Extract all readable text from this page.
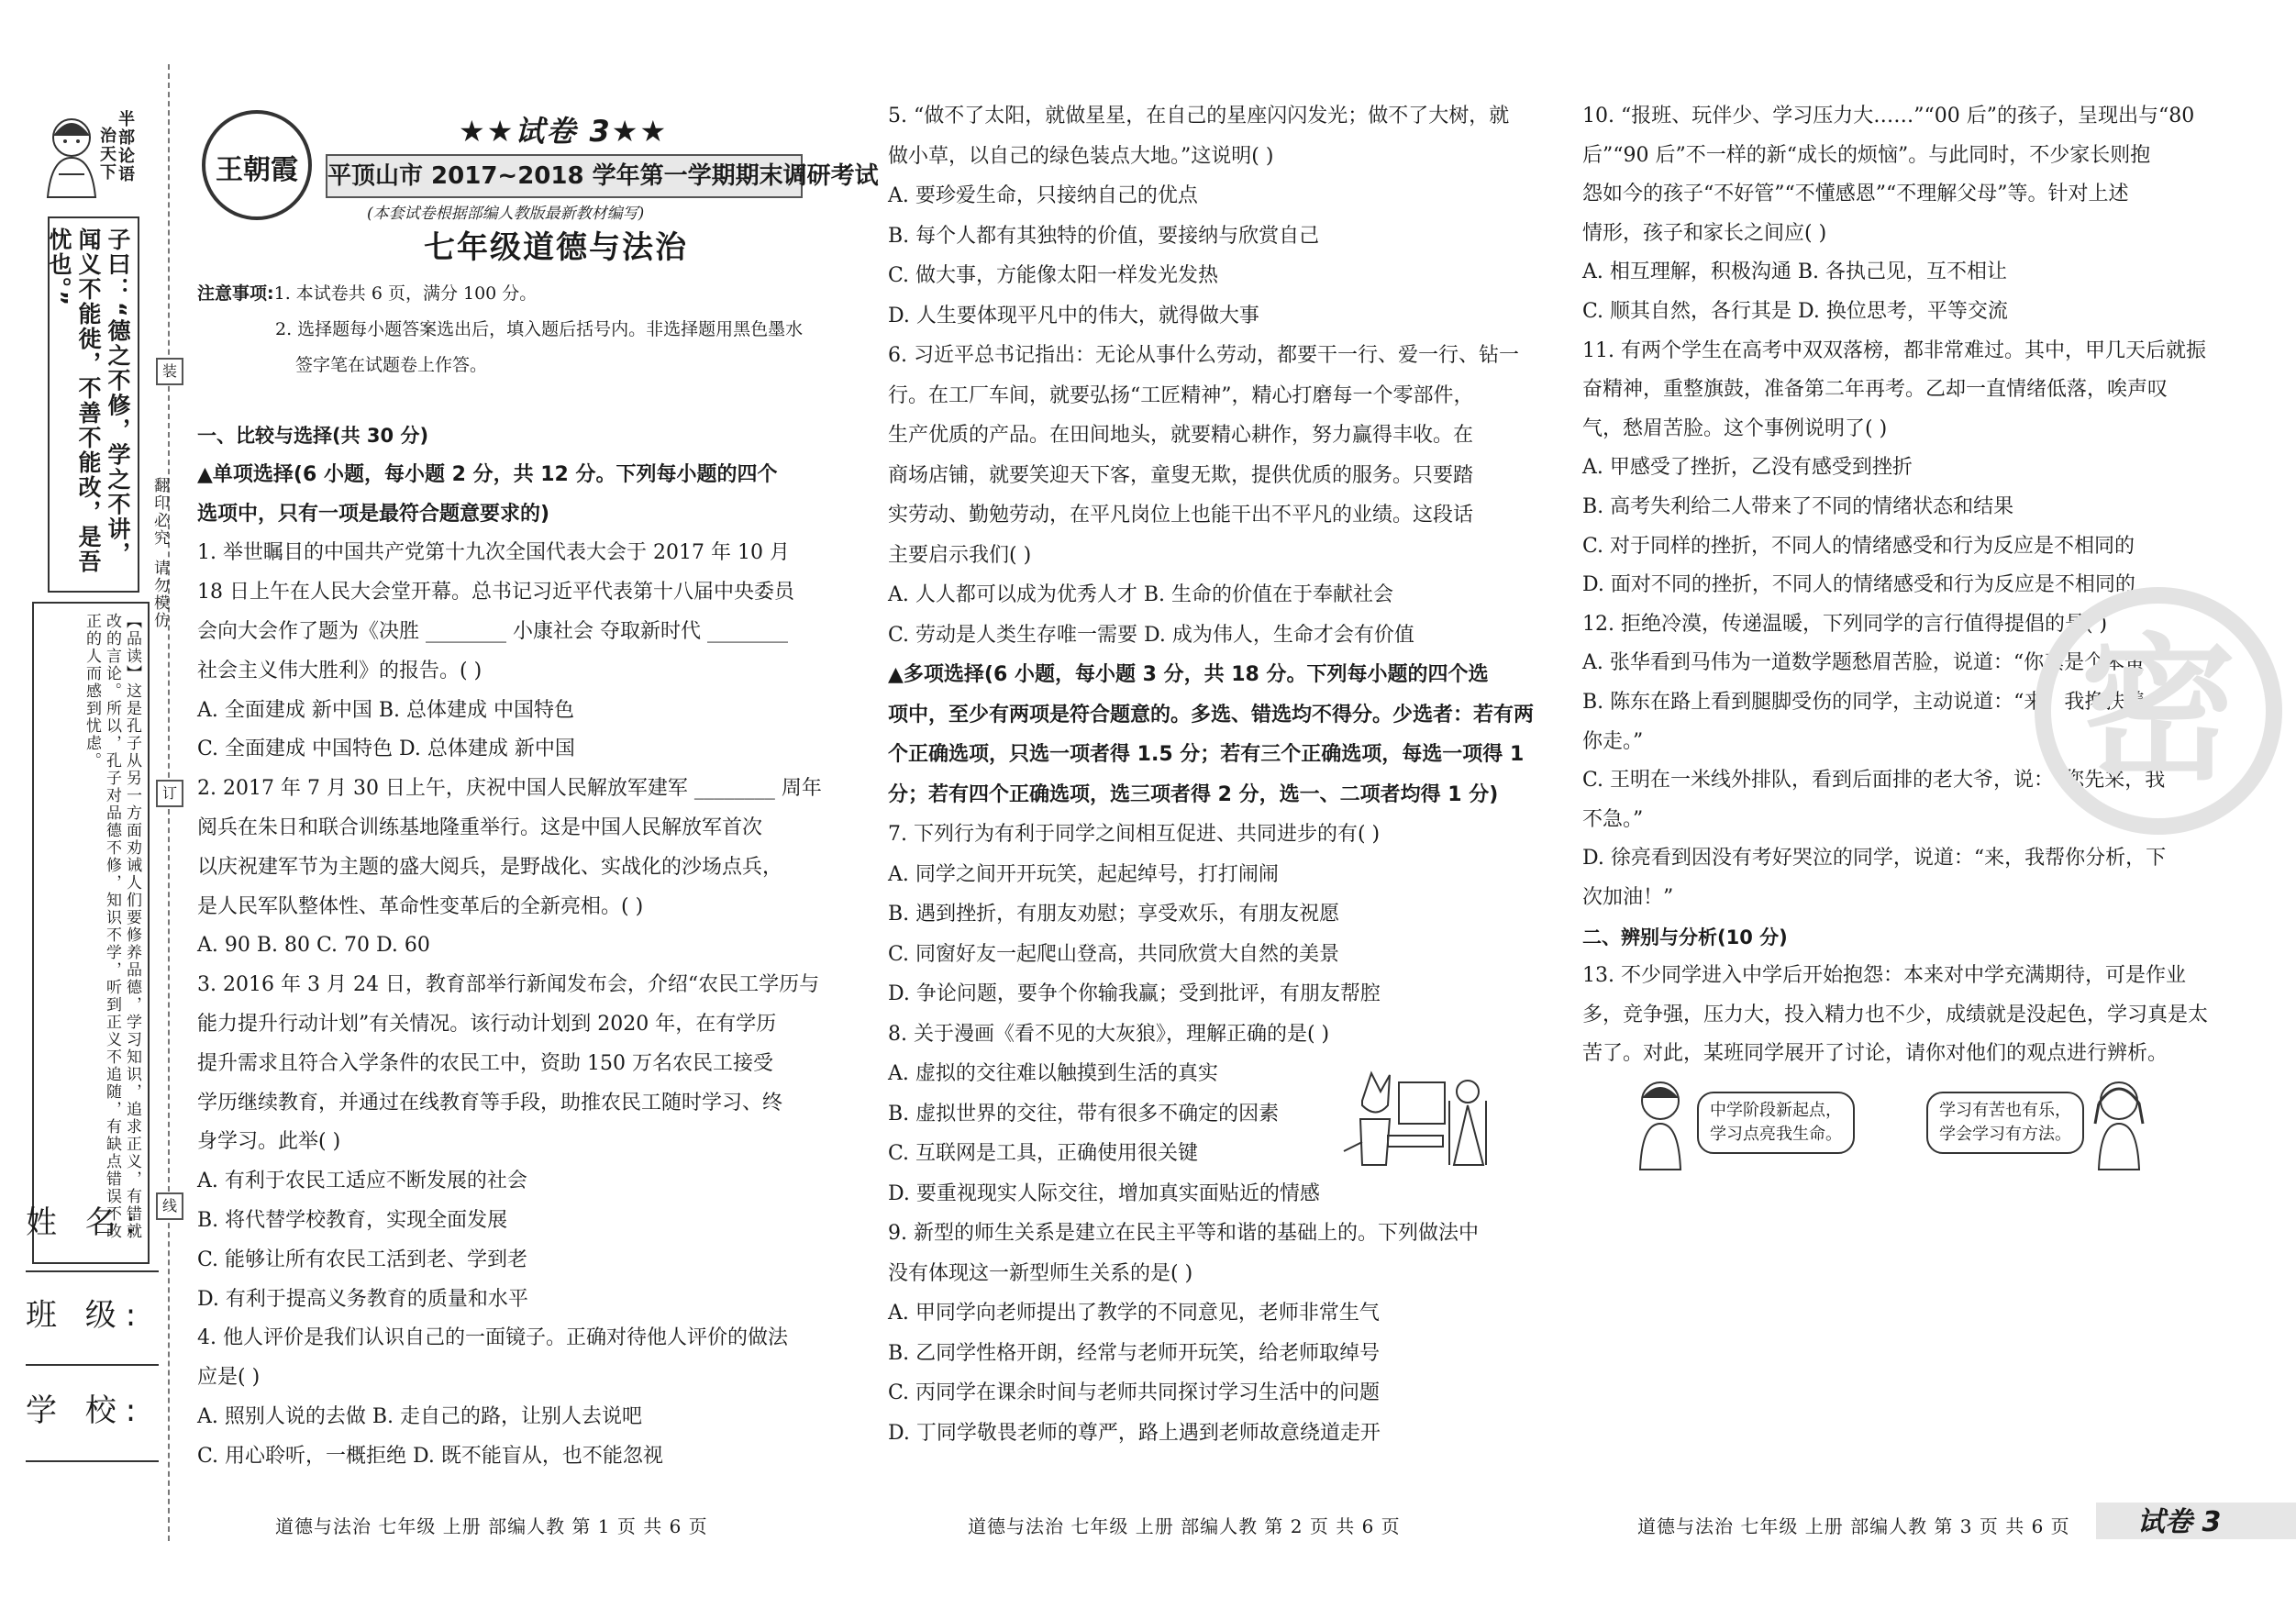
半部论语
治天下
子曰：“德之不修，学之不讲，闻义不能徙，不善不能改，是吾忧也。”
【品读】这是孔子从另一方面劝诫人们要修养品德，学习知识，追求正义，有错就改的言论。所以，孔子对品德不修，知识不学，听到正义不追随，有缺点错误不改正的人而感到忧虑。
姓 名:
班 级:
学 校:
装
订
线
翻印必究
请勿模仿
王朝霞
★★试卷 3★★
平顶山市 2017~2018 学年第一学期期末调研考试
(本套试卷根据部编人教版最新教材编写)
七年级道德与法治
注意事项:1. 本试卷共 6 页，满分 100 分。
2. 选择题每小题答案选出后，填入题后括号内。非选择题用黑色墨水
签字笔在试题卷上作答。
一、比较与选择(共 30 分)
▲单项选择(6 小题，每小题 2 分，共 12 分。下列每小题的四个
选项中，只有一项是最符合题意要求的)
1. 举世瞩目的中国共产党第十九次全国代表大会于 2017 年 10 月
18 日上午在人民大会堂开幕。总书记习近平代表第十八届中央委员
会向大会作了题为《决胜 ________ 小康社会 夺取新时代 ________
社会主义伟大胜利》的报告。( )
A. 全面建成 新中国 B. 总体建成 中国特色
C. 全面建成 中国特色 D. 总体建成 新中国
2. 2017 年 7 月 30 日上午，庆祝中国人民解放军建军 ________ 周年
阅兵在朱日和联合训练基地隆重举行。这是中国人民解放军首次
以庆祝建军节为主题的盛大阅兵，是野战化、实战化的沙场点兵，
是人民军队整体性、革命性变革后的全新亮相。( )
A. 90 B. 80 C. 70 D. 60
3. 2016 年 3 月 24 日，教育部举行新闻发布会，介绍“农民工学历与
能力提升行动计划”有关情况。该行动计划到 2020 年，在有学历
提升需求且符合入学条件的农民工中，资助 150 万名农民工接受
学历继续教育，并通过在线教育等手段，助推农民工随时学习、终
身学习。此举( )
A. 有利于农民工适应不断发展的社会
B. 将代替学校教育，实现全面发展
C. 能够让所有农民工活到老、学到老
D. 有利于提高义务教育的质量和水平
4. 他人评价是我们认识自己的一面镜子。正确对待他人评价的做法
应是( )
A. 照别人说的去做 B. 走自己的路，让别人去说吧
C. 用心聆听，一概拒绝 D. 既不能盲从，也不能忽视
5. “做不了太阳，就做星星，在自己的星座闪闪发光；做不了大树，就
做小草，以自己的绿色装点大地。”这说明( )
A. 要珍爱生命，只接纳自己的优点
B. 每个人都有其独特的价值，要接纳与欣赏自己
C. 做大事，方能像太阳一样发光发热
D. 人生要体现平凡中的伟大，就得做大事
6. 习近平总书记指出：无论从事什么劳动，都要干一行、爱一行、钻一
行。在工厂车间，就要弘扬“工匠精神”，精心打磨每一个零部件，
生产优质的产品。在田间地头，就要精心耕作，努力赢得丰收。在
商场店铺，就要笑迎天下客，童叟无欺，提供优质的服务。只要踏
实劳动、勤勉劳动，在平凡岗位上也能干出不平凡的业绩。这段话
主要启示我们( )
A. 人人都可以成为优秀人才 B. 生命的价值在于奉献社会
C. 劳动是人类生存唯一需要 D. 成为伟人，生命才会有价值
▲多项选择(6 小题，每小题 3 分，共 18 分。下列每小题的四个选
项中，至少有两项是符合题意的。多选、错选均不得分。少选者：若有两
个正确选项，只选一项者得 1.5 分；若有三个正确选项，每选一项得 1
分；若有四个正确选项，选三项者得 2 分，选一、二项者均得 1 分)
7. 下列行为有利于同学之间相互促进、共同进步的有( )
A. 同学之间开开玩笑，起起绰号，打打闹闹
B. 遇到挫折，有朋友劝慰；享受欢乐，有朋友祝愿
C. 同窗好友一起爬山登高，共同欣赏大自然的美景
D. 争论问题，要争个你输我赢；受到批评，有朋友帮腔
8. 关于漫画《看不见的大灰狼》，理解正确的是( )
A. 虚拟的交往难以触摸到生活的真实
B. 虚拟世界的交往，带有很多不确定的因素
C. 互联网是工具，正确使用很关键
D. 要重视现实人际交往，增加真实面贴近的情感
9. 新型的师生关系是建立在民主平等和谐的基础上的。下列做法中
没有体现这一新型师生关系的是( )
A. 甲同学向老师提出了教学的不同意见，老师非常生气
B. 乙同学性格开朗，经常与老师开玩笑，给老师取绰号
C. 丙同学在课余时间与老师共同探讨学习生活中的问题
D. 丁同学敬畏老师的尊严，路上遇到老师故意绕道走开
10. “报班、玩伴少、学习压力大……”“00 后”的孩子，呈现出与“80
后”“90 后”不一样的新“成长的烦恼”。与此同时，不少家长则抱
怨如今的孩子“不好管”“不懂感恩”“不理解父母”等。针对上述
情形，孩子和家长之间应( )
A. 相互理解，积极沟通 B. 各执己见，互不相让
C. 顺其自然，各行其是 D. 换位思考，平等交流
11. 有两个学生在高考中双双落榜，都非常难过。其中，甲几天后就振
奋精神，重整旗鼓，准备第二年再考。乙却一直情绪低落，唉声叹
气，愁眉苦脸。这个事例说明了( )
A. 甲感受了挫折，乙没有感受到挫折
B. 高考失利给二人带来了不同的情绪状态和结果
C. 对于同样的挫折，不同人的情绪感受和行为反应是不相同的
D. 面对不同的挫折，不同人的情绪感受和行为反应是不相同的
12. 拒绝冷漠，传递温暖，下列同学的言行值得提倡的是( )
A. 张华看到马伟为一道数学题愁眉苦脸，说道：“你真是个笨蛋！”
B. 陈东在路上看到腿脚受伤的同学，主动说道：“来，我搀扶着
你走。”
C. 王明在一米线外排队，看到后面排的老大爷，说：“您先来，我
不急。”
D. 徐亮看到因没有考好哭泣的同学，说道：“来，我帮你分析，下
次加油！”
二、辨别与分析(10 分)
13. 不少同学进入中学后开始抱怨：本来对中学充满期待，可是作业
多，竞争强，压力大，投入精力也不少，成绩就是没起色，学习真是太
苦了。对此，某班同学展开了讨论，请你对他们的观点进行辨析。
中学阶段新起点，
学习点亮我生命。
学习有苦也有乐，
学会学习有方法。
密
道德与法治 七年级 上册 部编人教 第 1 页 共 6 页	道德与法治 七年级 上册 部编人教 第 2 页 共 6 页	道德与法治 七年级 上册 部编人教 第 3 页 共 6 页 试卷 3
